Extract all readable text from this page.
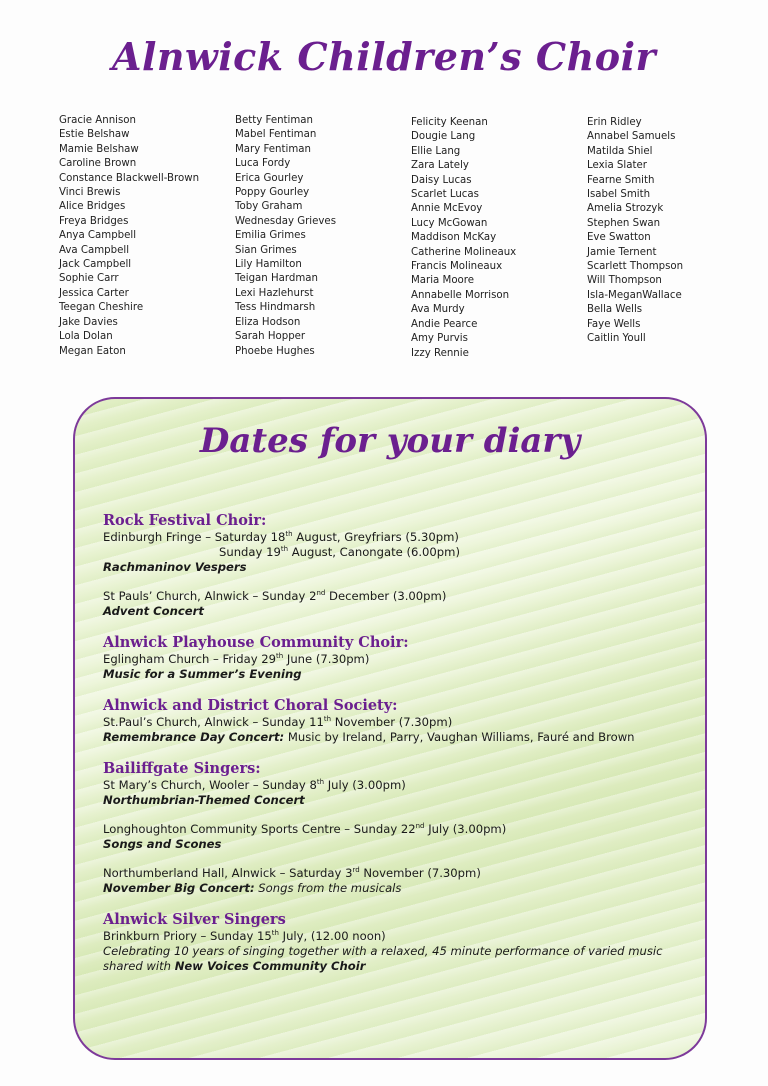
Alnwick Children’s Choir
Gracie Annison
Estie Belshaw
Mamie Belshaw
Caroline Brown
Constance Blackwell-Brown
Vinci Brewis
Alice Bridges
Freya Bridges
Anya Campbell
Ava Campbell
Jack Campbell
Sophie Carr
Jessica Carter
Teegan Cheshire
Jake Davies
Lola Dolan
Megan Eaton
Betty Fentiman
Mabel Fentiman
Mary Fentiman
Luca Fordy
Erica Gourley
Poppy Gourley
Toby Graham
Wednesday Grieves
Emilia Grimes
Sian Grimes
Lily Hamilton
Teigan Hardman
Lexi Hazlehurst
Tess Hindmarsh
Eliza Hodson
Sarah Hopper
Phoebe Hughes
Felicity Keenan
Dougie Lang
Ellie Lang
Zara Lately
Daisy Lucas
Scarlet Lucas
Annie McEvoy
Lucy McGowan
Maddison McKay
Catherine Molineaux
Francis Molineaux
Maria Moore
Annabelle Morrison
Ava Murdy
Andie Pearce
Amy Purvis
Izzy Rennie
Erin Ridley
Annabel Samuels
Matilda Shiel
Lexia Slater
Fearne Smith
Isabel Smith
Amelia Strozyk
Stephen Swan
Eve Swatton
Jamie Ternent
Scarlett Thompson
Will Thompson
Isla-MeganWallace
Bella Wells
Faye Wells
Caitlin Youll
Dates for your diary
Rock Festival Choir:
Edinburgh Fringe – Saturday 18th August, Greyfriars (5.30pm)
Sunday 19th August, Canongate (6.00pm)
Rachmaninov Vespers
St Pauls’ Church, Alnwick – Sunday 2nd December (3.00pm)
Advent Concert
Alnwick Playhouse Community Choir:
Eglingham Church – Friday 29th June (7.30pm)
Music for a Summer’s Evening
Alnwick and District Choral Society:
St.Paul’s Church, Alnwick – Sunday 11th November (7.30pm)
Remembrance Day Concert: Music by Ireland, Parry, Vaughan Williams, Fauré and Brown
Bailiffgate Singers:
St Mary’s Church, Wooler – Sunday 8th July (3.00pm)
Northumbrian-Themed Concert
Longhoughton Community Sports Centre – Sunday 22nd July (3.00pm)
Songs and Scones
Northumberland Hall, Alnwick – Saturday 3rd November (7.30pm)
November Big Concert: Songs from the musicals
Alnwick Silver Singers
Brinkburn Priory – Sunday 15th July, (12.00 noon)
Celebrating 10 years of singing together with a relaxed, 45 minute performance of varied music
shared with New Voices Community Choir
